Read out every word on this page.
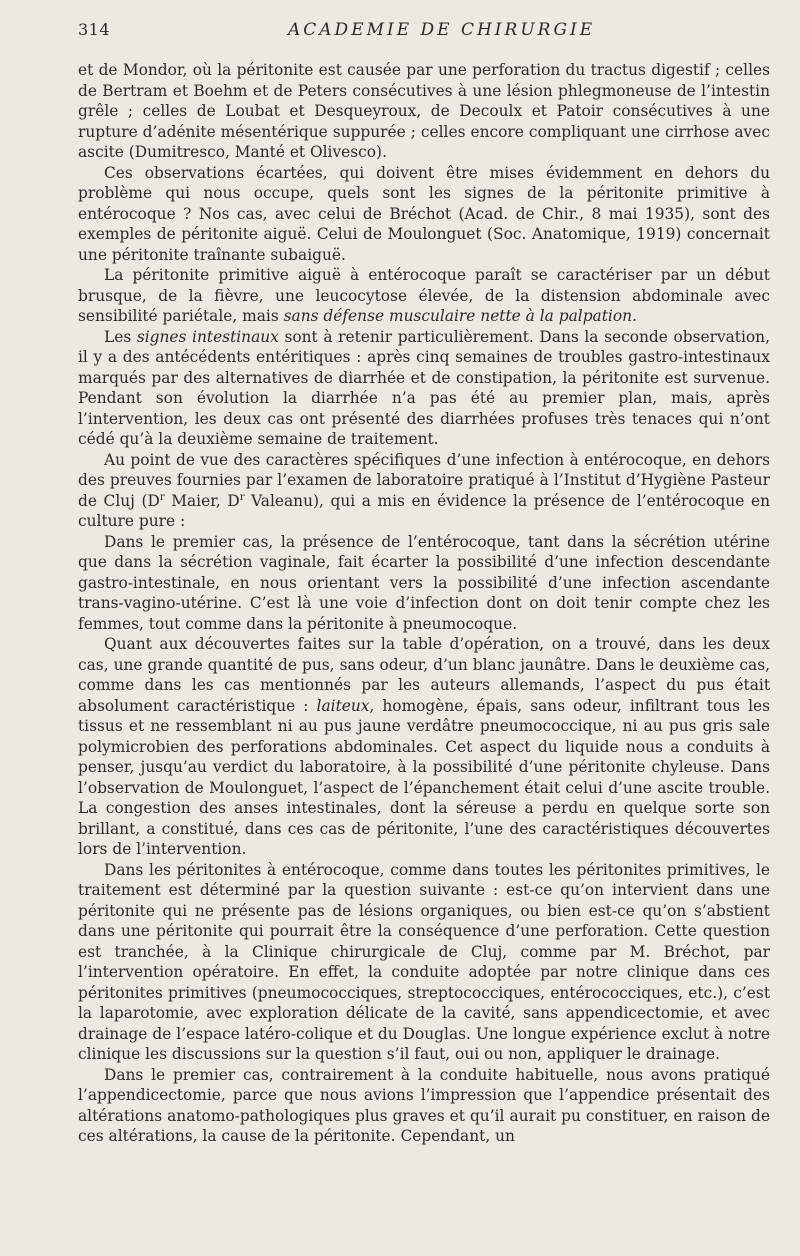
314	ACADEMIE DE CHIRURGIE

et de Mondor, où la péritonite est causée par une perforation du tractus digestif ; celles de Bertram et Boehm et de Peters consécutives à une lésion phlegmoneuse de l’intestin grêle ; celles de Loubat et Desqueyroux, de Decoulx et Patoir consécutives à une rupture d’adénite mésentérique suppurée ; celles encore compliquant une cirrhose avec ascite (Dumitresco, Manté et Olivesco).

Ces observations écartées, qui doivent être mises évidemment en dehors du problème qui nous occupe, quels sont les signes de la péritonite primitive à entérocoque ? Nos cas, avec celui de Bréchot (Acad. de Chir., 8 mai 1935), sont des exemples de péritonite aiguë. Celui de Moulonguet (Soc. Anatomique, 1919) concernait une péritonite traînante subaiguë.

La péritonite primitive aiguë à entérocoque paraît se caractériser par un début brusque, de la fièvre, une leucocytose élevée, de la distension abdominale avec sensibilité pariétale, mais sans défense musculaire nette à la palpation.

Les signes intestinaux sont à retenir particulièrement. Dans la seconde observation, il y a des antécédents entéritiques : après cinq semaines de troubles gastro-intestinaux marqués par des alternatives de diarrhée et de constipation, la péritonite est survenue. Pendant son évolution la diarrhée n’a pas été au premier plan, mais, après l’intervention, les deux cas ont présenté des diarrhées profuses très tenaces qui n’ont cédé qu’à la deuxième semaine de traitement.

Au point de vue des caractères spécifiques d’une infection à entérocoque, en dehors des preuves fournies par l’examen de laboratoire pratiqué à l’Institut d’Hygiène Pasteur de Cluj ($D^r$ Maier, $D^r$ Valeanu), qui a mis en évidence la présence de l’entérocoque en culture pure :

Dans le premier cas, la présence de l’entérocoque, tant dans la sécrétion utérine que dans la sécrétion vaginale, fait écarter la possibilité d’une infection descendante gastro-intestinale, en nous orientant vers la possibilité d’une infection ascendante trans-vagino-utérine. C’est là une voie d’infection dont on doit tenir compte chez les femmes, tout comme dans la péritonite à pneumocoque.

Quant aux découvertes faites sur la table d’opération, on a trouvé, dans les deux cas, une grande quantité de pus, sans odeur, d’un blanc jaunâtre. Dans le deuxième cas, comme dans les cas mentionnés par les auteurs allemands, l’aspect du pus était absolument caractéristique : laiteux, homogène, épais, sans odeur, infiltrant tous les tissus et ne ressemblant ni au pus jaune verdâtre pneumococcique, ni au pus gris sale polymicrobien des perforations abdominales. Cet aspect du liquide nous a conduits à penser, jusqu’au verdict du laboratoire, à la possibilité d’une péritonite chyleuse. Dans l’observation de Moulonguet, l’aspect de l’épanchement était celui d’une ascite trouble. La congestion des anses intestinales, dont la séreuse a perdu en quelque sorte son brillant, a constitué, dans ces cas de péritonite, l’une des caractéristiques découvertes lors de l’intervention.

Dans les péritonites à entérocoque, comme dans toutes les péritonites primitives, le traitement est déterminé par la question suivante : est-ce qu’on intervient dans une péritonite qui ne présente pas de lésions organiques, ou bien est-ce qu’on s’abstient dans une péritonite qui pourrait être la conséquence d’une perforation. Cette question est tranchée, à la Clinique chirurgicale de Cluj, comme par M. Bréchot, par l’intervention opératoire. En effet, la conduite adoptée par notre clinique dans ces péritonites primitives (pneumococciques, streptococciques, entérococciques, etc.), c’est la laparotomie, avec exploration délicate de la cavité, sans appendicectomie, et avec drainage de l’espace latéro-colique et du Douglas. Une longue expérience exclut à notre clinique les discussions sur la question s’il faut, oui ou non, appliquer le drainage.

Dans le premier cas, contrairement à la conduite habituelle, nous avons pratiqué l’appendicectomie, parce que nous avions l’impression que l’appendice présentait des altérations anatomo-pathologiques plus graves et qu’il aurait pu constituer, en raison de ces altérations, la cause de la péritonite. Cependant, un
